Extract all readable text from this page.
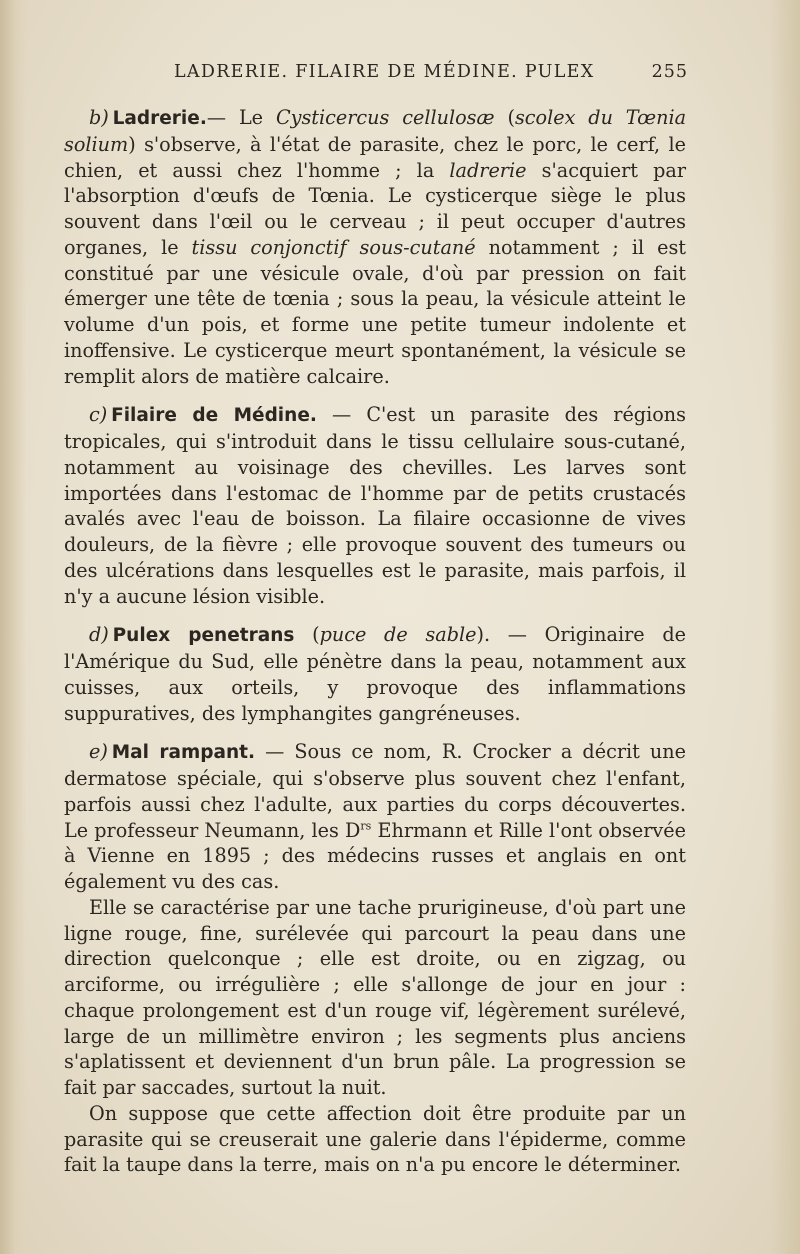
LADRERIE. FILAIRE DE MÉDINE. PULEX	255

b)  Ladrerie.— Le Cysticercus cellulosæ (scolex du Tœnia solium) s'observe, à l'état de parasite, chez le porc, le cerf, le chien, et aussi chez l'homme ; la ladrerie s'acquiert par l'absorption d'œufs de Tœnia. Le cysticerque siège le plus souvent dans l'œil ou le cerveau ; il peut occuper d'autres organes, le tissu conjonctif sous-cutané notamment ; il est constitué par une vésicule ovale, d'où par pression on fait émerger une tête de tœnia ; sous la peau, la vésicule atteint le volume d'un pois, et forme une petite tumeur indolente et inoffensive. Le cysticerque meurt spontanément, la vésicule se remplit alors de matière calcaire.

c)  Filaire de Médine. — C'est un parasite des régions tropicales, qui s'introduit dans le tissu cellulaire sous-cutané, notamment au voisinage des chevilles. Les larves sont importées dans l'estomac de l'homme par de petits crustacés avalés avec l'eau de boisson. La filaire occasionne de vives douleurs, de la fièvre ; elle provoque souvent des tumeurs ou des ulcérations dans lesquelles est le parasite, mais parfois, il n'y a aucune lésion visible.

d)  Pulex penetrans (puce de sable). — Originaire de l'Amérique du Sud, elle pénètre dans la peau, notamment aux cuisses, aux orteils, y provoque des inflammations suppuratives, des lymphangites gangréneuses.

e)  Mal rampant. — Sous ce nom, R. Crocker a décrit une dermatose spéciale, qui s'observe plus souvent chez l'enfant, parfois aussi chez l'adulte, aux parties du corps découvertes. Le professeur Neumann, les $D^{rs}$ Ehrmann et Rille l'ont observée à Vienne en 1895 ; des médecins russes et anglais en ont également vu des cas.

Elle se caractérise par une tache prurigineuse, d'où part une ligne rouge, fine, surélevée qui parcourt la peau dans une direction quelconque ; elle est droite, ou en zigzag, ou arciforme, ou irrégulière ; elle s'allonge de jour en jour : chaque prolongement est d'un rouge vif, légèrement surélevé, large de un millimètre environ ; les segments plus anciens s'aplatissent et deviennent d'un brun pâle. La progression se fait par saccades, surtout la nuit.

On suppose que cette affection doit être produite par un parasite qui se creuserait une galerie dans l'épiderme, comme fait la taupe dans la terre, mais on n'a pu encore le déterminer.
